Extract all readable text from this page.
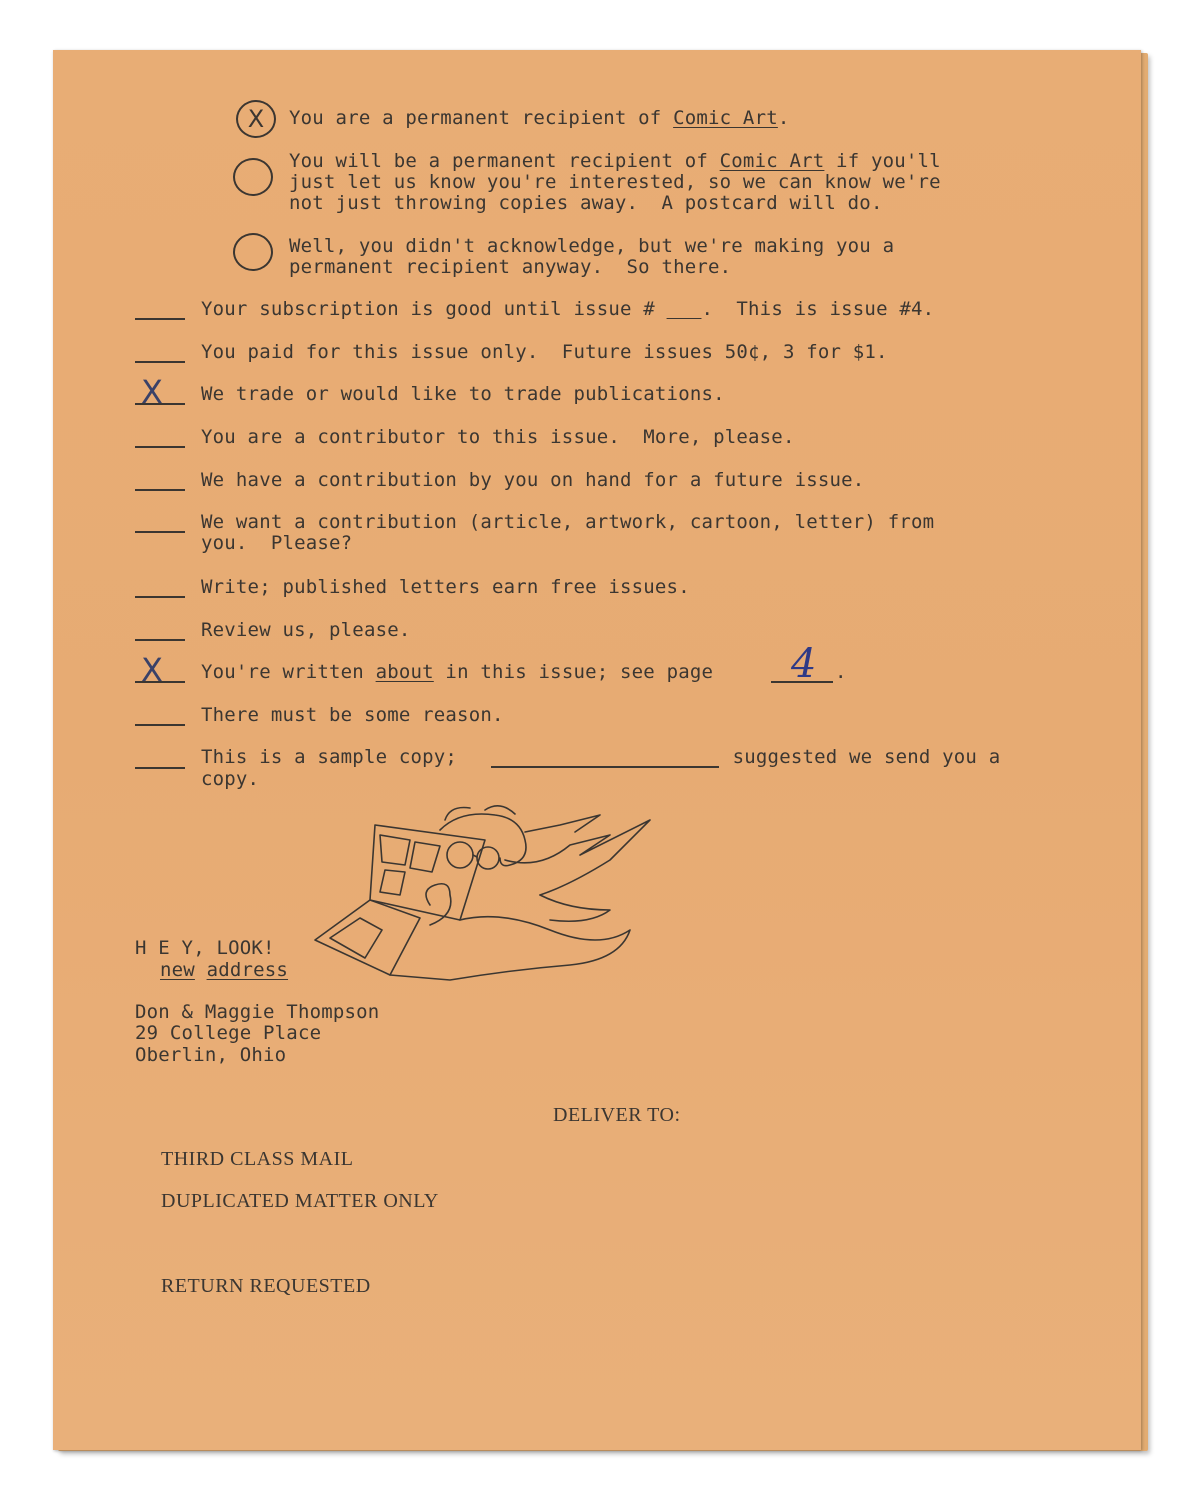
X	You are a permanent recipient of Comic Art.
You will be a permanent recipient of Comic Art if you'll
just let us know you're interested, so we can know we're
not just throwing copies away.  A postcard will do.
Well, you didn't acknowledge, but we're making you a
permanent recipient anyway.  So there.
Your subscription is good until issue #    .  This is issue #4.
You paid for this issue only.  Future issues 50¢, 3 for $1.
X We trade or would like to trade publications.
You are a contributor to this issue.  More, please.
We have a contribution by you on hand for a future issue.
We want a contribution (article, artwork, cartoon, letter) from
you.  Please?
Write; published letters earn free issues.
Review us, please.
X You're written about in this issue; see page 4 .
There must be some reason.
This is a sample copy;	suggested we send you a
copy.
H E Y, LOOK!
new address
Don & Maggie Thompson
29 College Place
Oberlin, Ohio
DELIVER TO:
THIRD CLASS MAIL
DUPLICATED MATTER ONLY
RETURN REQUESTED
